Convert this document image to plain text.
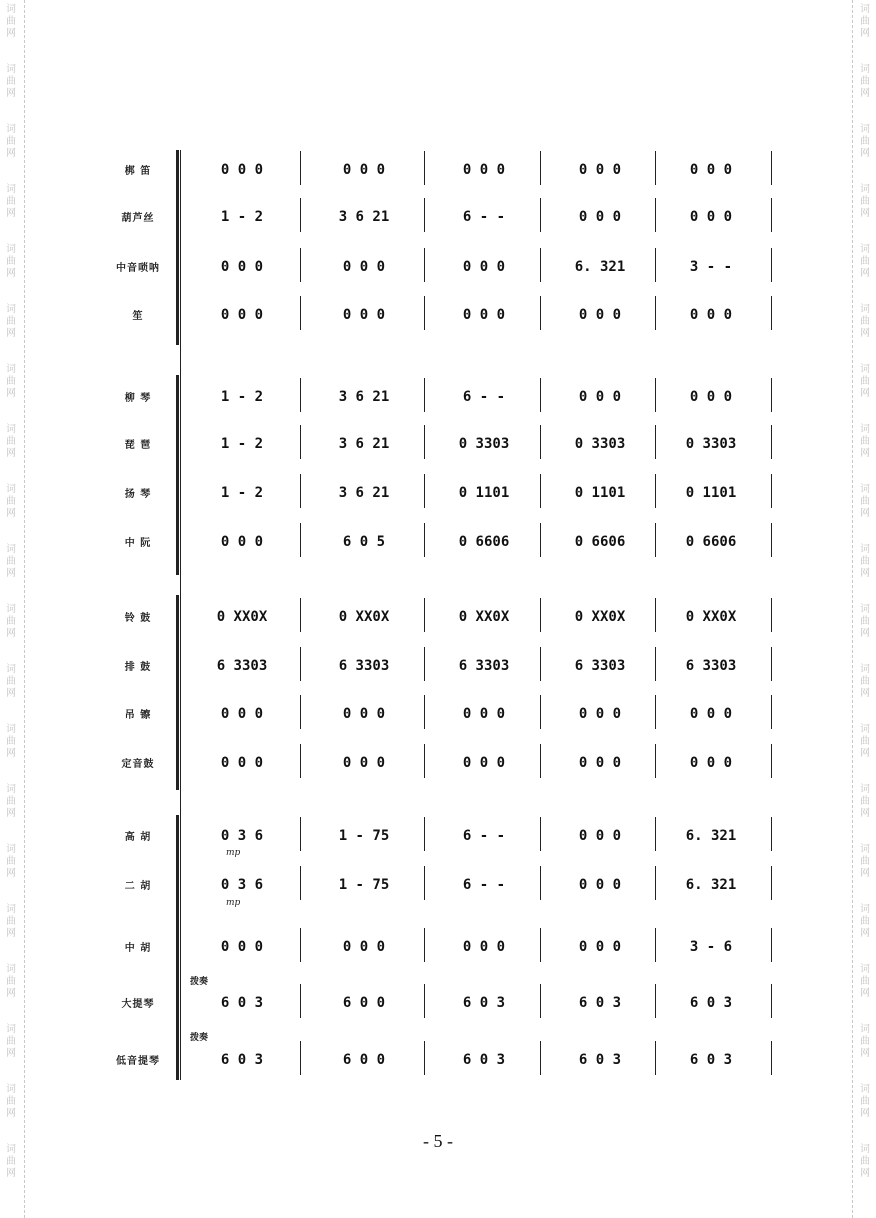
词
曲
网
词
曲
网
词
曲
网
词
曲
网
词
曲
网
词
曲
网
词
曲
网
词
曲
网
词
曲
网
词
曲
网
词
曲
网
词
曲
网
词
曲
网
词
曲
网
词
曲
网
词
曲
网
词
曲
网
词
曲
网
词
曲
网
词
曲
网
词
曲
网
词
曲
网
词
曲
网
词
曲
网
词
曲
网
词
曲
网
词
曲
网
词
曲
网
词
曲
网
词
曲
网
词
曲
网
词
曲
网
词
曲
网
词
曲
网
词
曲
网
词
曲
网
词
曲
网
词
曲
网
词
曲
网
词
曲
网
梆 笛	0 0 0	0 0 0	0 0 0	0 0 0	0 0 0
葫芦丝	1 - 2	3 6 21	6 - -	0 0 0	0 0 0
中音唢呐	0 0 0	0 0 0	0 0 0	6. 321	3 - -
笙	0 0 0	0 0 0	0 0 0	0 0 0	0 0 0
柳 琴	1 - 2	3 6 21	6 - -	0 0 0	0 0 0
琵 琶	1 - 2	3 6 21	0 3303	0 3303	0 3303
扬 琴	1 - 2	3 6 21	0 1101	0 1101	0 1101
中 阮	0 0 0	6 0 5	0 6606	0 6606	0 6606
铃 鼓	0 XX0X	0 XX0X	0 XX0X	0 XX0X	0 XX0X
排 鼓	6 3303	6 3303	6 3303	6 3303	6 3303
吊 镲	0 0 0	0 0 0	0 0 0	0 0 0	0 0 0
定音鼓	0 0 0	0 0 0	0 0 0	0 0 0	0 0 0
高 胡	0 3 6	1 - 75	6 - -	0 0 0	6. 321
二 胡	0 3 6	1 - 75	6 - -	0 0 0	6. 321
中 胡	0 0 0	0 0 0	0 0 0	0 0 0	3 - 6
大提琴	6 0 3	6 0 0	6 0 3	6 0 3	6 0 3
低音提琴	6 0 3	6 0 0	6 0 3	6 0 3	6 0 3
拨奏
拨奏
mp
mp
- 5 -
